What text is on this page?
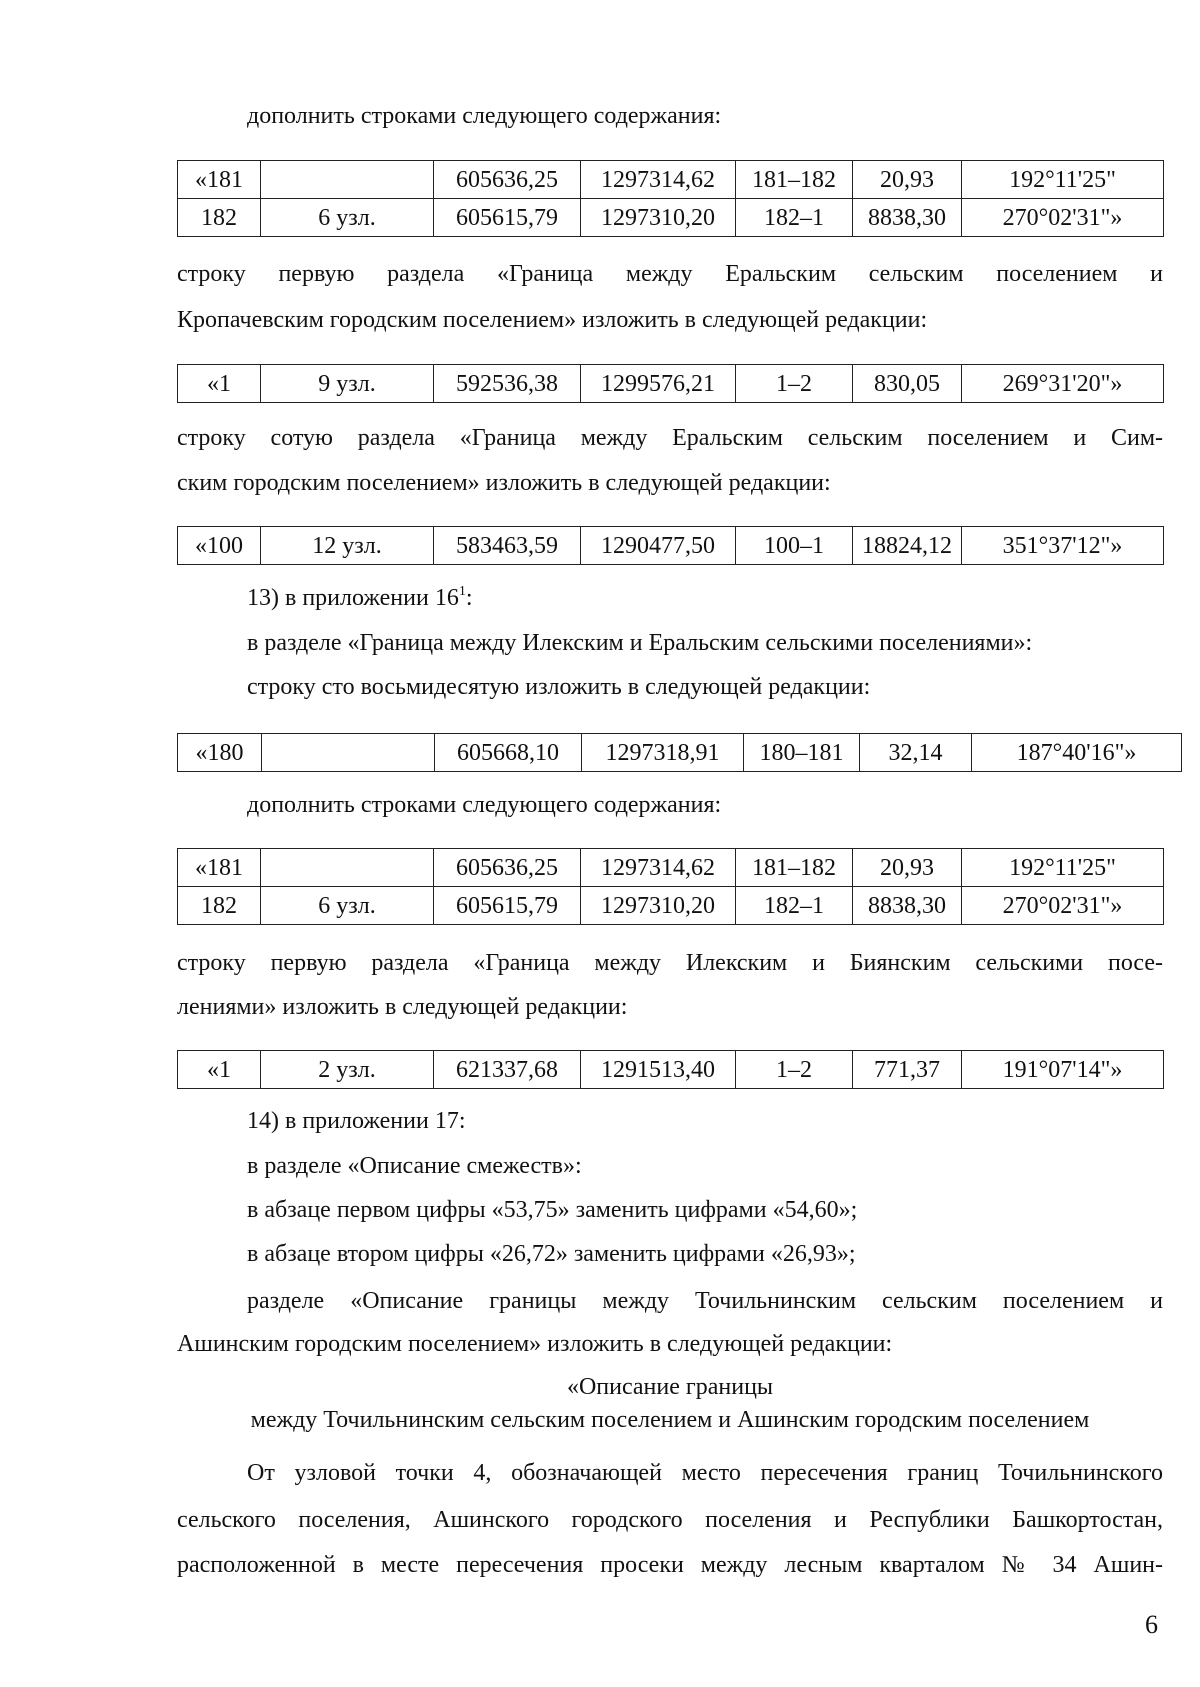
дополнить строками следующего содержания:
«181		605636,25	1297314,62	181–182	20,93	192°11'25"
182	6 узл.	605615,79	1297310,20	182–1	8838,30	270°02'31"»
строку первую раздела «Граница между Еральским сельским поселением и
Кропачевским городским поселением» изложить в следующей редакции:
«1	9 узл.	592536,38	1299576,21	1–2	830,05	269°31'20"»
строку сотую раздела «Граница между Еральским сельским поселением и Сим-
ским городским поселением» изложить в следующей редакции:
«100	12 узл.	583463,59	1290477,50	100–1	18824,12	351°37'12"»
13) в приложении $16^1$:
в разделе «Граница между Илекским и Еральским сельскими поселениями»:
строку сто восьмидесятую изложить в следующей редакции:
«180		605668,10	1297318,91	180–181	32,14	187°40'16"»
дополнить строками следующего содержания:
«181		605636,25	1297314,62	181–182	20,93	192°11'25"
182	6 узл.	605615,79	1297310,20	182–1	8838,30	270°02'31"»
строку первую раздела «Граница между Илекским и Биянским сельскими посе-
лениями» изложить в следующей редакции:
«1	2 узл.	621337,68	1291513,40	1–2	771,37	191°07'14"»
14) в приложении 17:
в разделе «Описание смежеств»:
в абзаце первом цифры «53,75» заменить цифрами «54,60»;
в абзаце втором цифры «26,72» заменить цифрами «26,93»;
разделе «Описание границы между Точильнинским сельским поселением и
Ашинским городским поселением» изложить в следующей редакции:
«Описание границы
между Точильнинским сельским поселением и Ашинским городским поселением
От узловой точки 4, обозначающей место пересечения границ Точильнинского
сельского поселения, Ашинского городского поселения и Республики Башкортостан,
расположенной в месте пересечения просеки между лесным кварталом № 34 Ашин-
6
